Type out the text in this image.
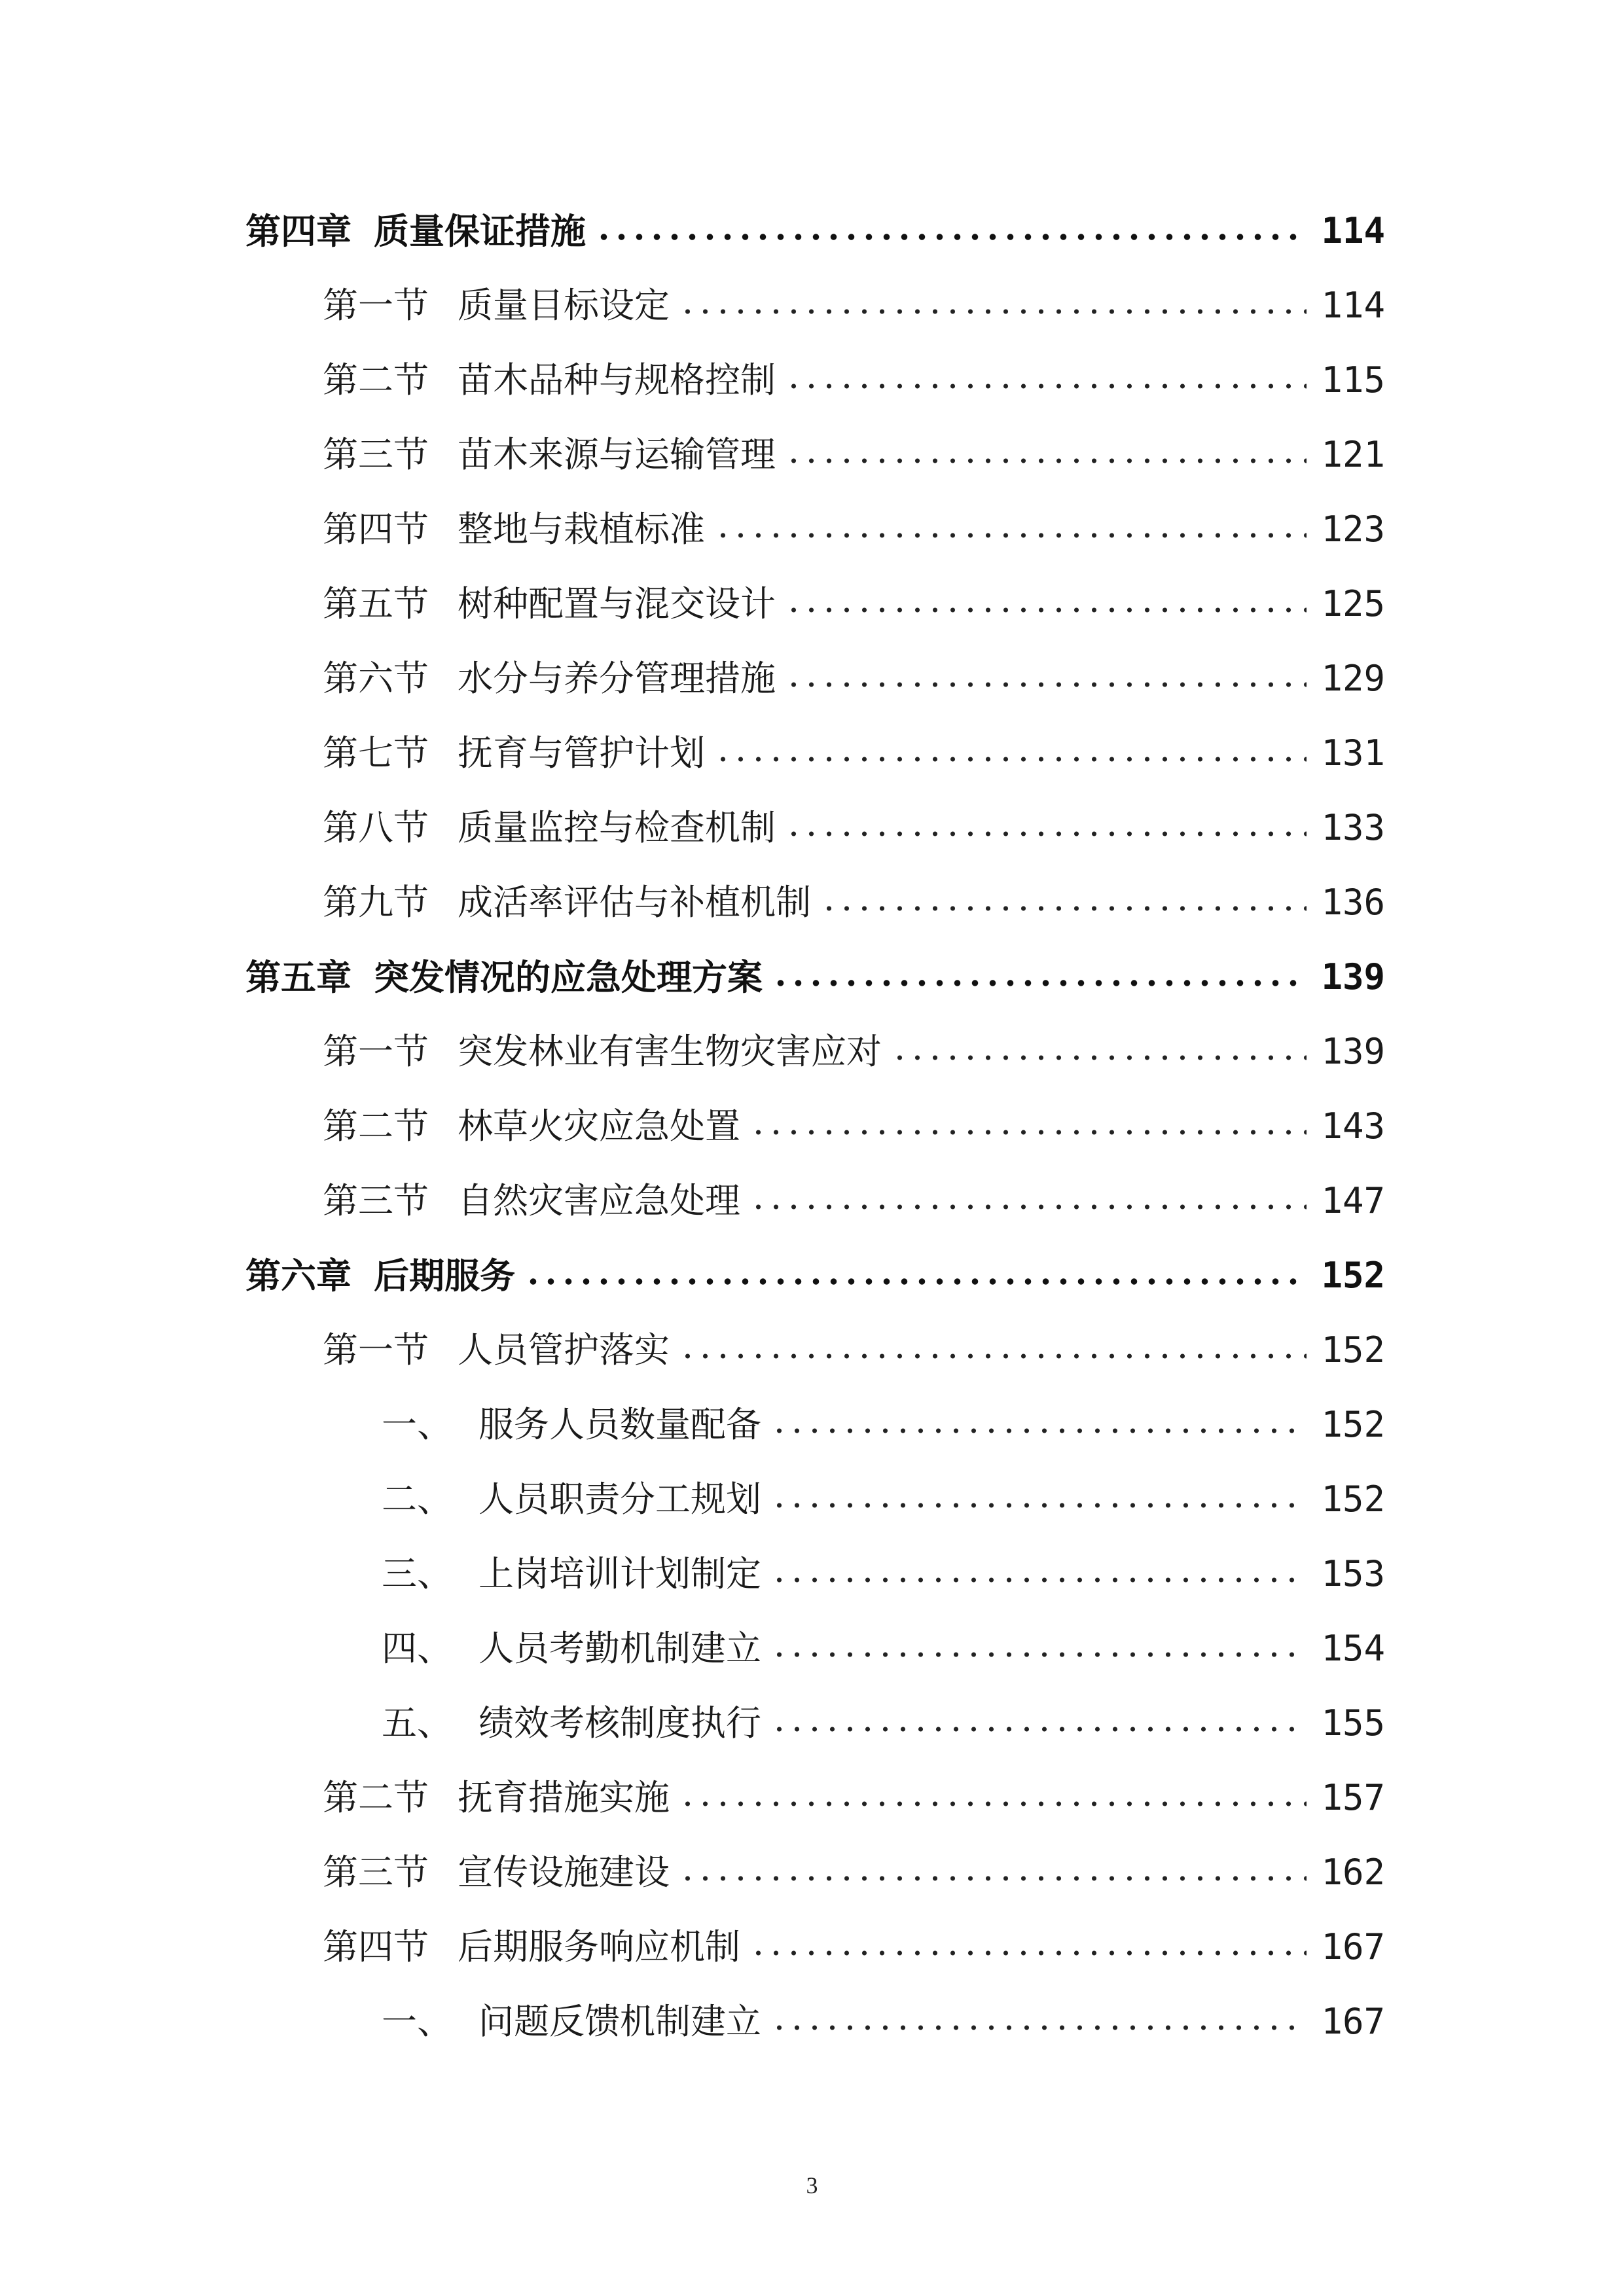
第四章 质量保证措施	114
第一节 质量目标设定	114
第二节 苗木品种与规格控制	115
第三节 苗木来源与运输管理	121
第四节 整地与栽植标准	123
第五节 树种配置与混交设计	125
第六节 水分与养分管理措施	129
第七节 抚育与管护计划	131
第八节 质量监控与检查机制	133
第九节 成活率评估与补植机制	136
第五章 突发情况的应急处理方案	139
第一节 突发林业有害生物灾害应对	139
第二节 林草火灾应急处置	143
第三节 自然灾害应急处理	147
第六章 后期服务	152
第一节 人员管护落实	152
一、 服务人员数量配备	152
二、 人员职责分工规划	152
三、 上岗培训计划制定	153
四、 人员考勤机制建立	154
五、 绩效考核制度执行	155
第二节 抚育措施实施	157
第三节 宣传设施建设	162
第四节 后期服务响应机制	167
一、 问题反馈机制建立	167
3
